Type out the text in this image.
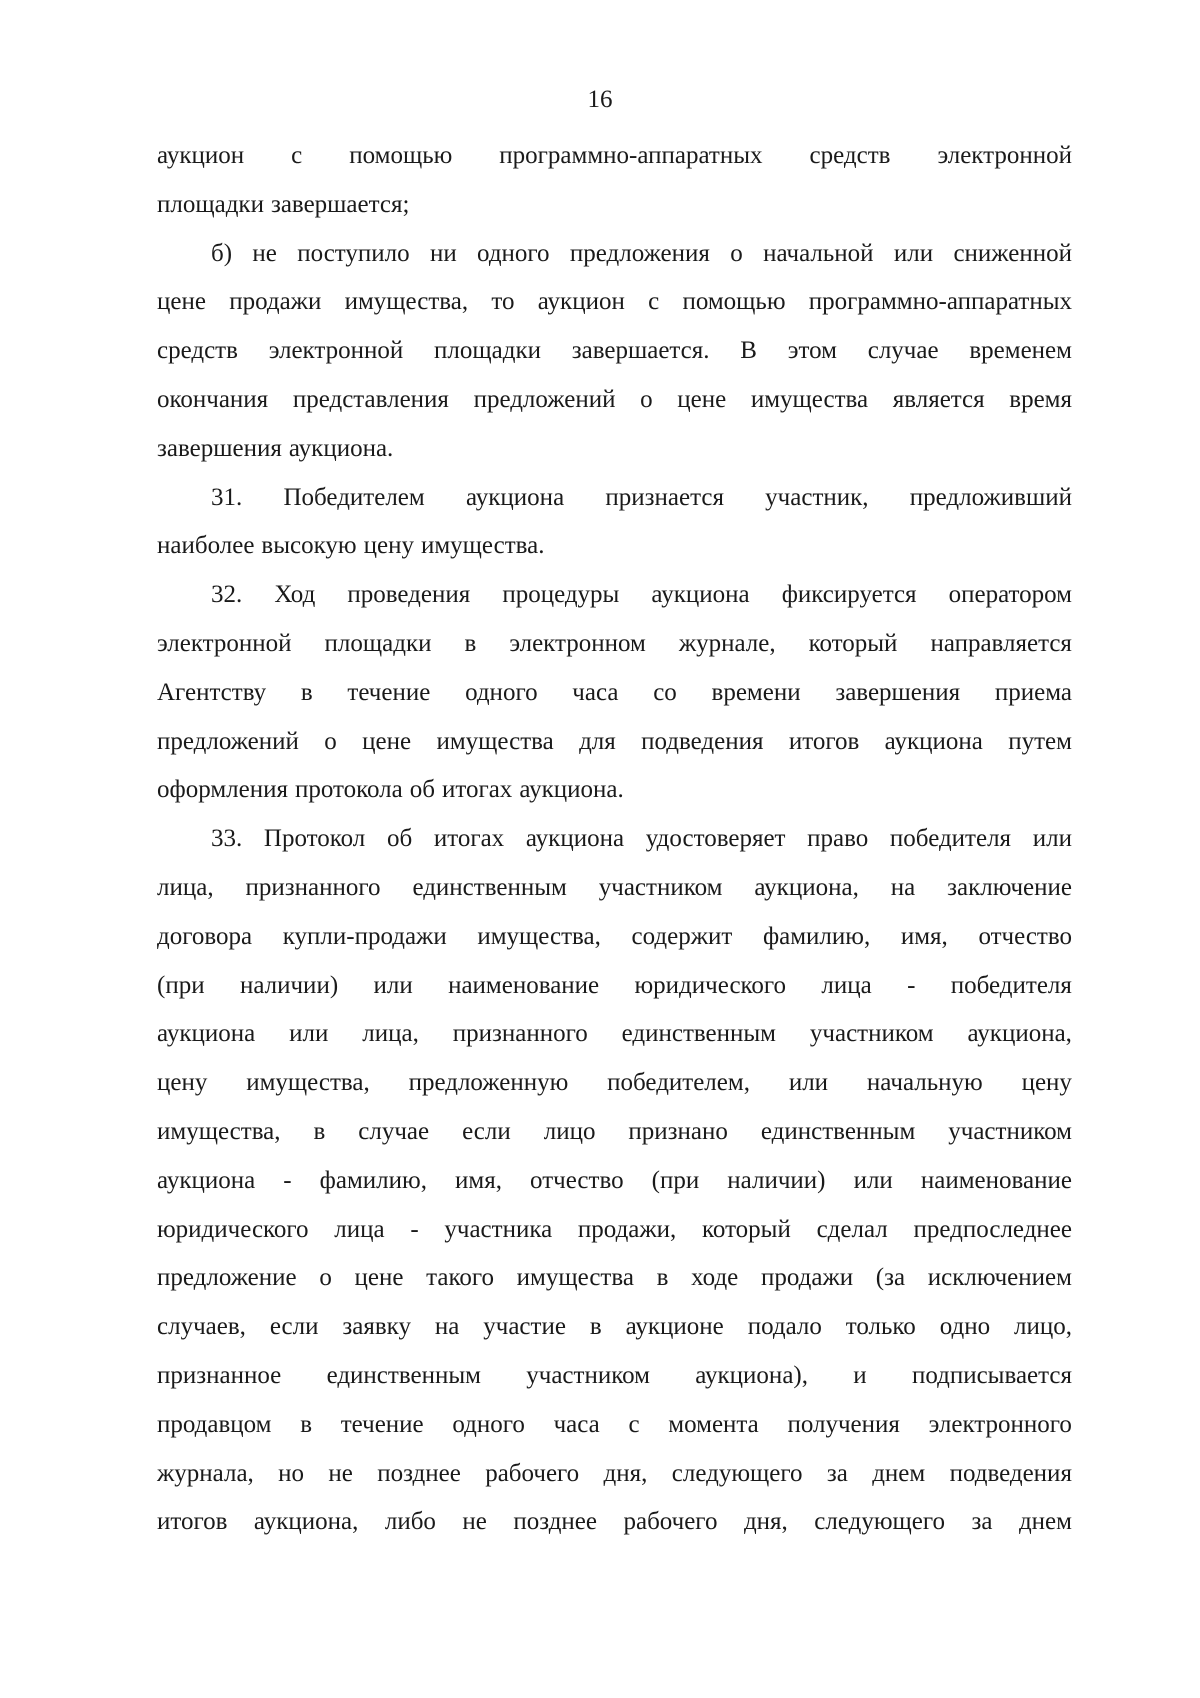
16
аукцион с помощью программно-аппаратных средств электронной
площадки завершается;
б) не поступило ни одного предложения о начальной или сниженной
цене продажи имущества, то аукцион с помощью программно-аппаратных
средств электронной площадки завершается. В этом случае временем
окончания представления предложений о цене имущества является время
завершения аукциона.
31. Победителем аукциона признается участник, предложивший
наиболее высокую цену имущества.
32. Ход проведения процедуры аукциона фиксируется оператором
электронной площадки в электронном журнале, который направляется
Агентству в течение одного часа со времени завершения приема
предложений о цене имущества для подведения итогов аукциона путем
оформления протокола об итогах аукциона.
33. Протокол об итогах аукциона удостоверяет право победителя или
лица, признанного единственным участником аукциона, на заключение
договора купли-продажи имущества, содержит фамилию, имя, отчество
(при наличии) или наименование юридического лица - победителя
аукциона или лица, признанного единственным участником аукциона,
цену имущества, предложенную победителем, или начальную цену
имущества, в случае если лицо признано единственным участником
аукциона - фамилию, имя, отчество (при наличии) или наименование
юридического лица - участника продажи, который сделал предпоследнее
предложение о цене такого имущества в ходе продажи (за исключением
случаев, если заявку на участие в аукционе подало только одно лицо,
признанное единственным участником аукциона), и подписывается
продавцом в течение одного часа с момента получения электронного
журнала, но не позднее рабочего дня, следующего за днем подведения
итогов аукциона, либо не позднее рабочего дня, следующего за днем
